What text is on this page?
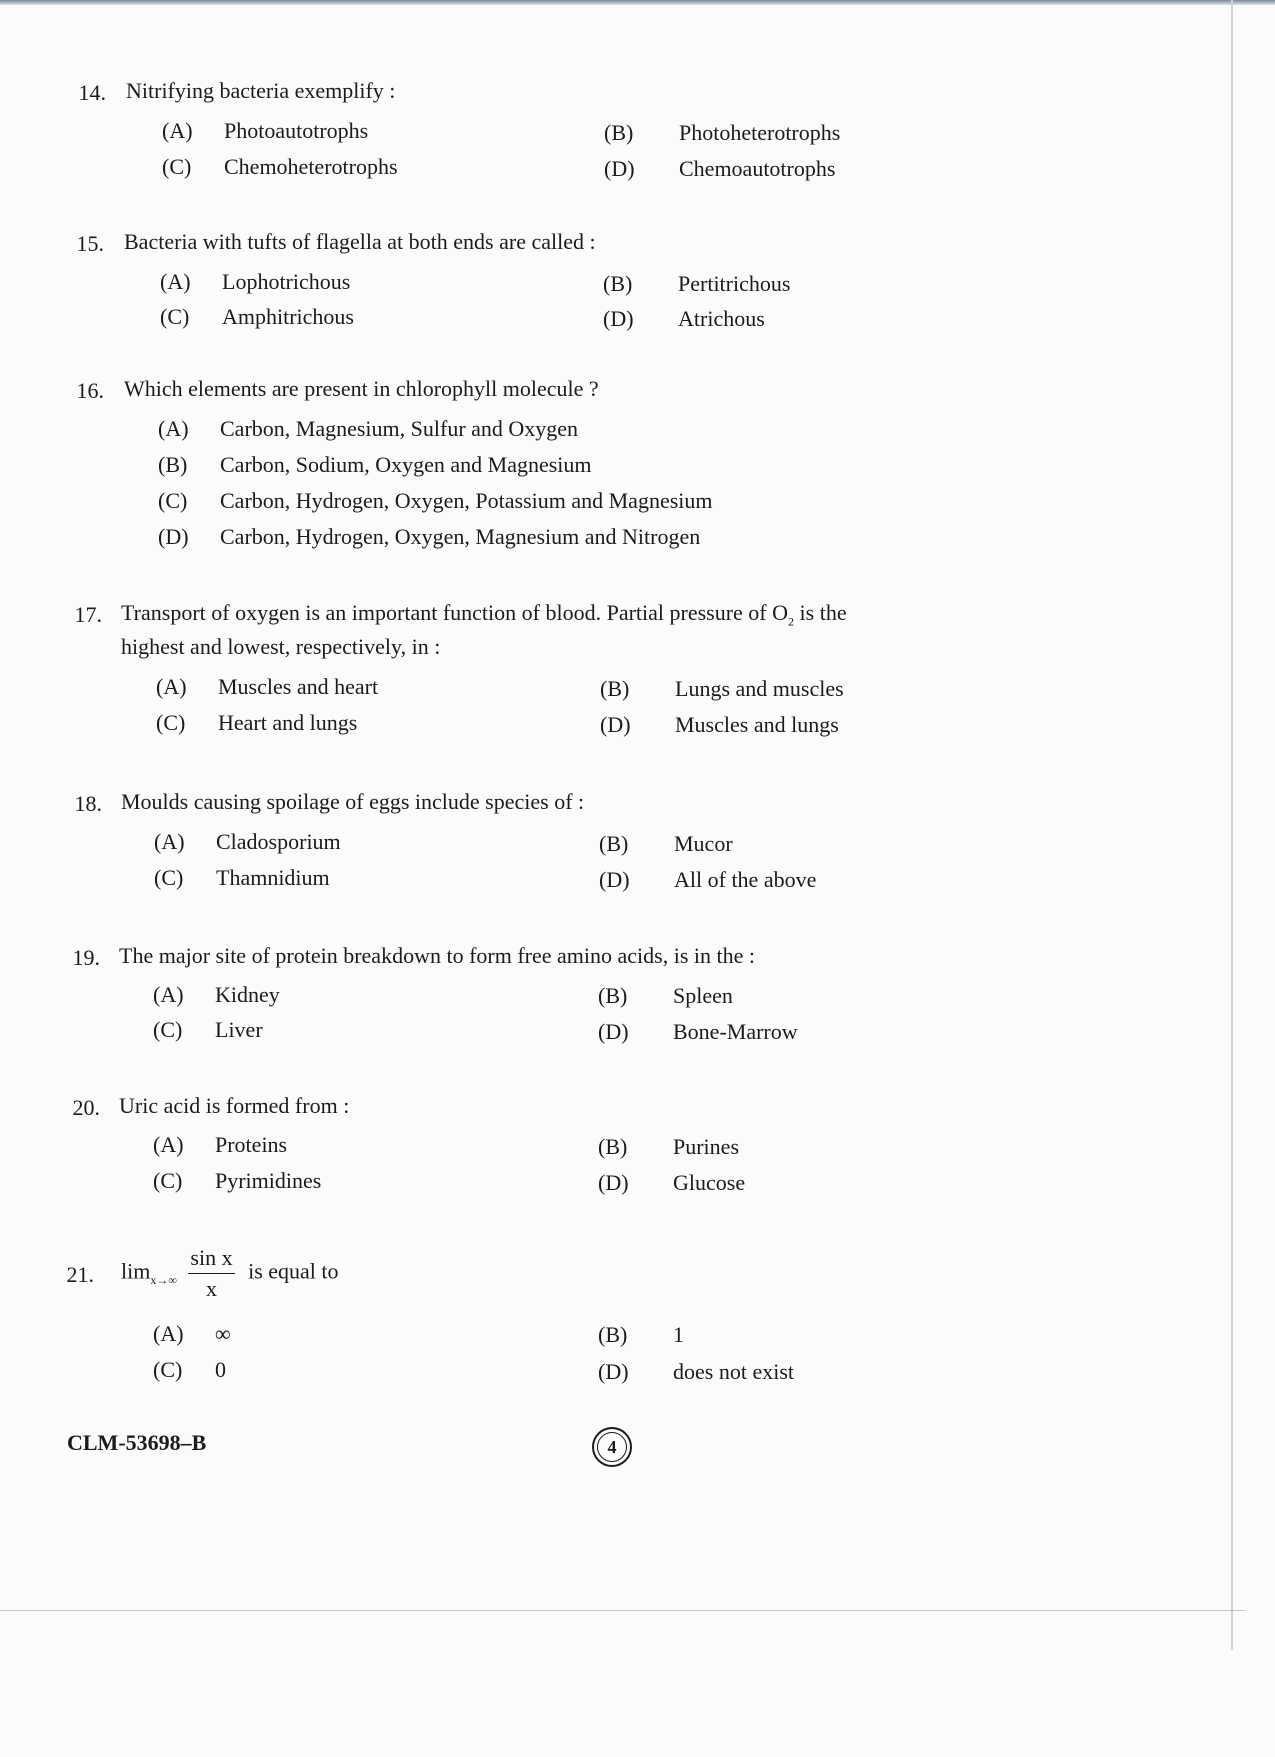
14. Nitrifying bacteria exemplify :
(A)	Photoautotrophs	(B)	Photoheterotrophs
(C)	Chemoheterotrophs	(D)	Chemoautotrophs
15. Bacteria with tufts of flagella at both ends are called :
(A)	Lophotrichous	(B)	Pertitrichous
(C)	Amphitrichous	(D)	Atrichous
16. Which elements are present in chlorophyll molecule ?
(A)	Carbon, Magnesium, Sulfur and Oxygen
(B)	Carbon, Sodium, Oxygen and Magnesium
(C)	Carbon, Hydrogen, Oxygen, Potassium and Magnesium
(D)	Carbon, Hydrogen, Oxygen, Magnesium and Nitrogen
17. Transport of oxygen is an important function of blood. Partial pressure of $O_2$ is the
highest and lowest, respectively, in :
(A)	Muscles and heart	(B)	Lungs and muscles
(C)	Heart and lungs	(D)	Muscles and lungs
18. Moulds causing spoilage of eggs include species of :
(A)	Cladosporium	(B)	Mucor
(C)	Thamnidium	(D)	All of the above
19. The major site of protein breakdown to form free amino acids, is in the :
(A)	Kidney	(B)	Spleen
(C)	Liver	(D)	Bone-Marrow
20. Uric acid is formed from :
(A)	Proteins	(B)	Purines
(C)	Pyrimidines	(D)	Glucose
21. $\lim_{x\to\infty} \frac{\text{sin x}}{x}$ is equal to
(A)	∞	(B)	1
(C)	0	(D)	does not exist
CLM-53698–B	4
